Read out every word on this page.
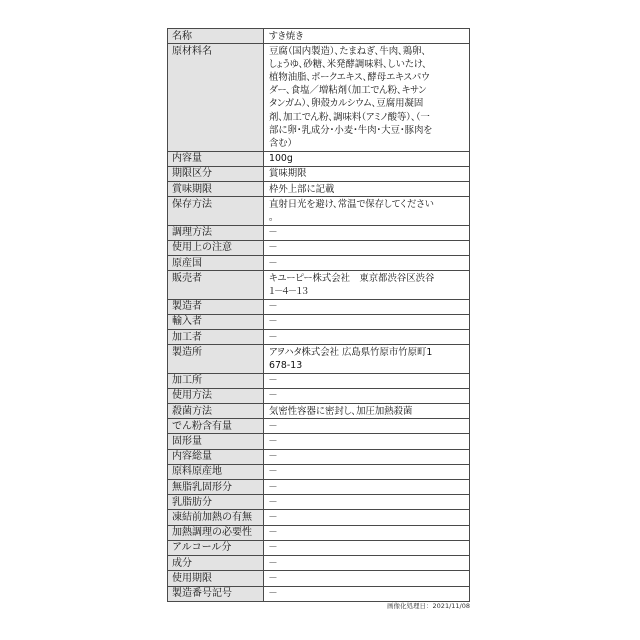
名称	すき焼き
原材料名	豆腐（国内製造）、たまねぎ、牛肉、鶏卵、
しょうゆ、砂糖、米発酵調味料、しいたけ、
植物油脂、ポークエキス、酵母エキスパウ
ダー、食塩／増粘剤（加工でん粉、キサン
タンガム）、卵殻カルシウム、豆腐用凝固
剤、加工でん粉、調味料（アミノ酸等）、（一
部に卵・乳成分・小麦・牛肉・大豆・豚肉を
含む）
内容量	100g
期限区分	賞味期限
賞味期限	枠外上部に記載
保存方法	直射日光を避け、常温で保存してください
。
調理方法	－
使用上の注意	－
原産国	－
販売者	キユーピー株式会社　東京都渋谷区渋谷
１－４－１３
製造者	－
輸入者	－
加工者	－
製造所	アヲハタ株式会社 広島県竹原市竹原町1
678-13
加工所	－
使用方法	－
殺菌方法	気密性容器に密封し、加圧加熱殺菌
でん粉含有量	－
固形量	－
内容総量	－
原料原産地	－
無脂乳固形分	－
乳脂肪分	－
凍結前加熱の有無	－
加熱調理の必要性	－
アルコール分	－
成分	－
使用期限	－
製造番号記号	－
画像化処理日：2021/11/08
